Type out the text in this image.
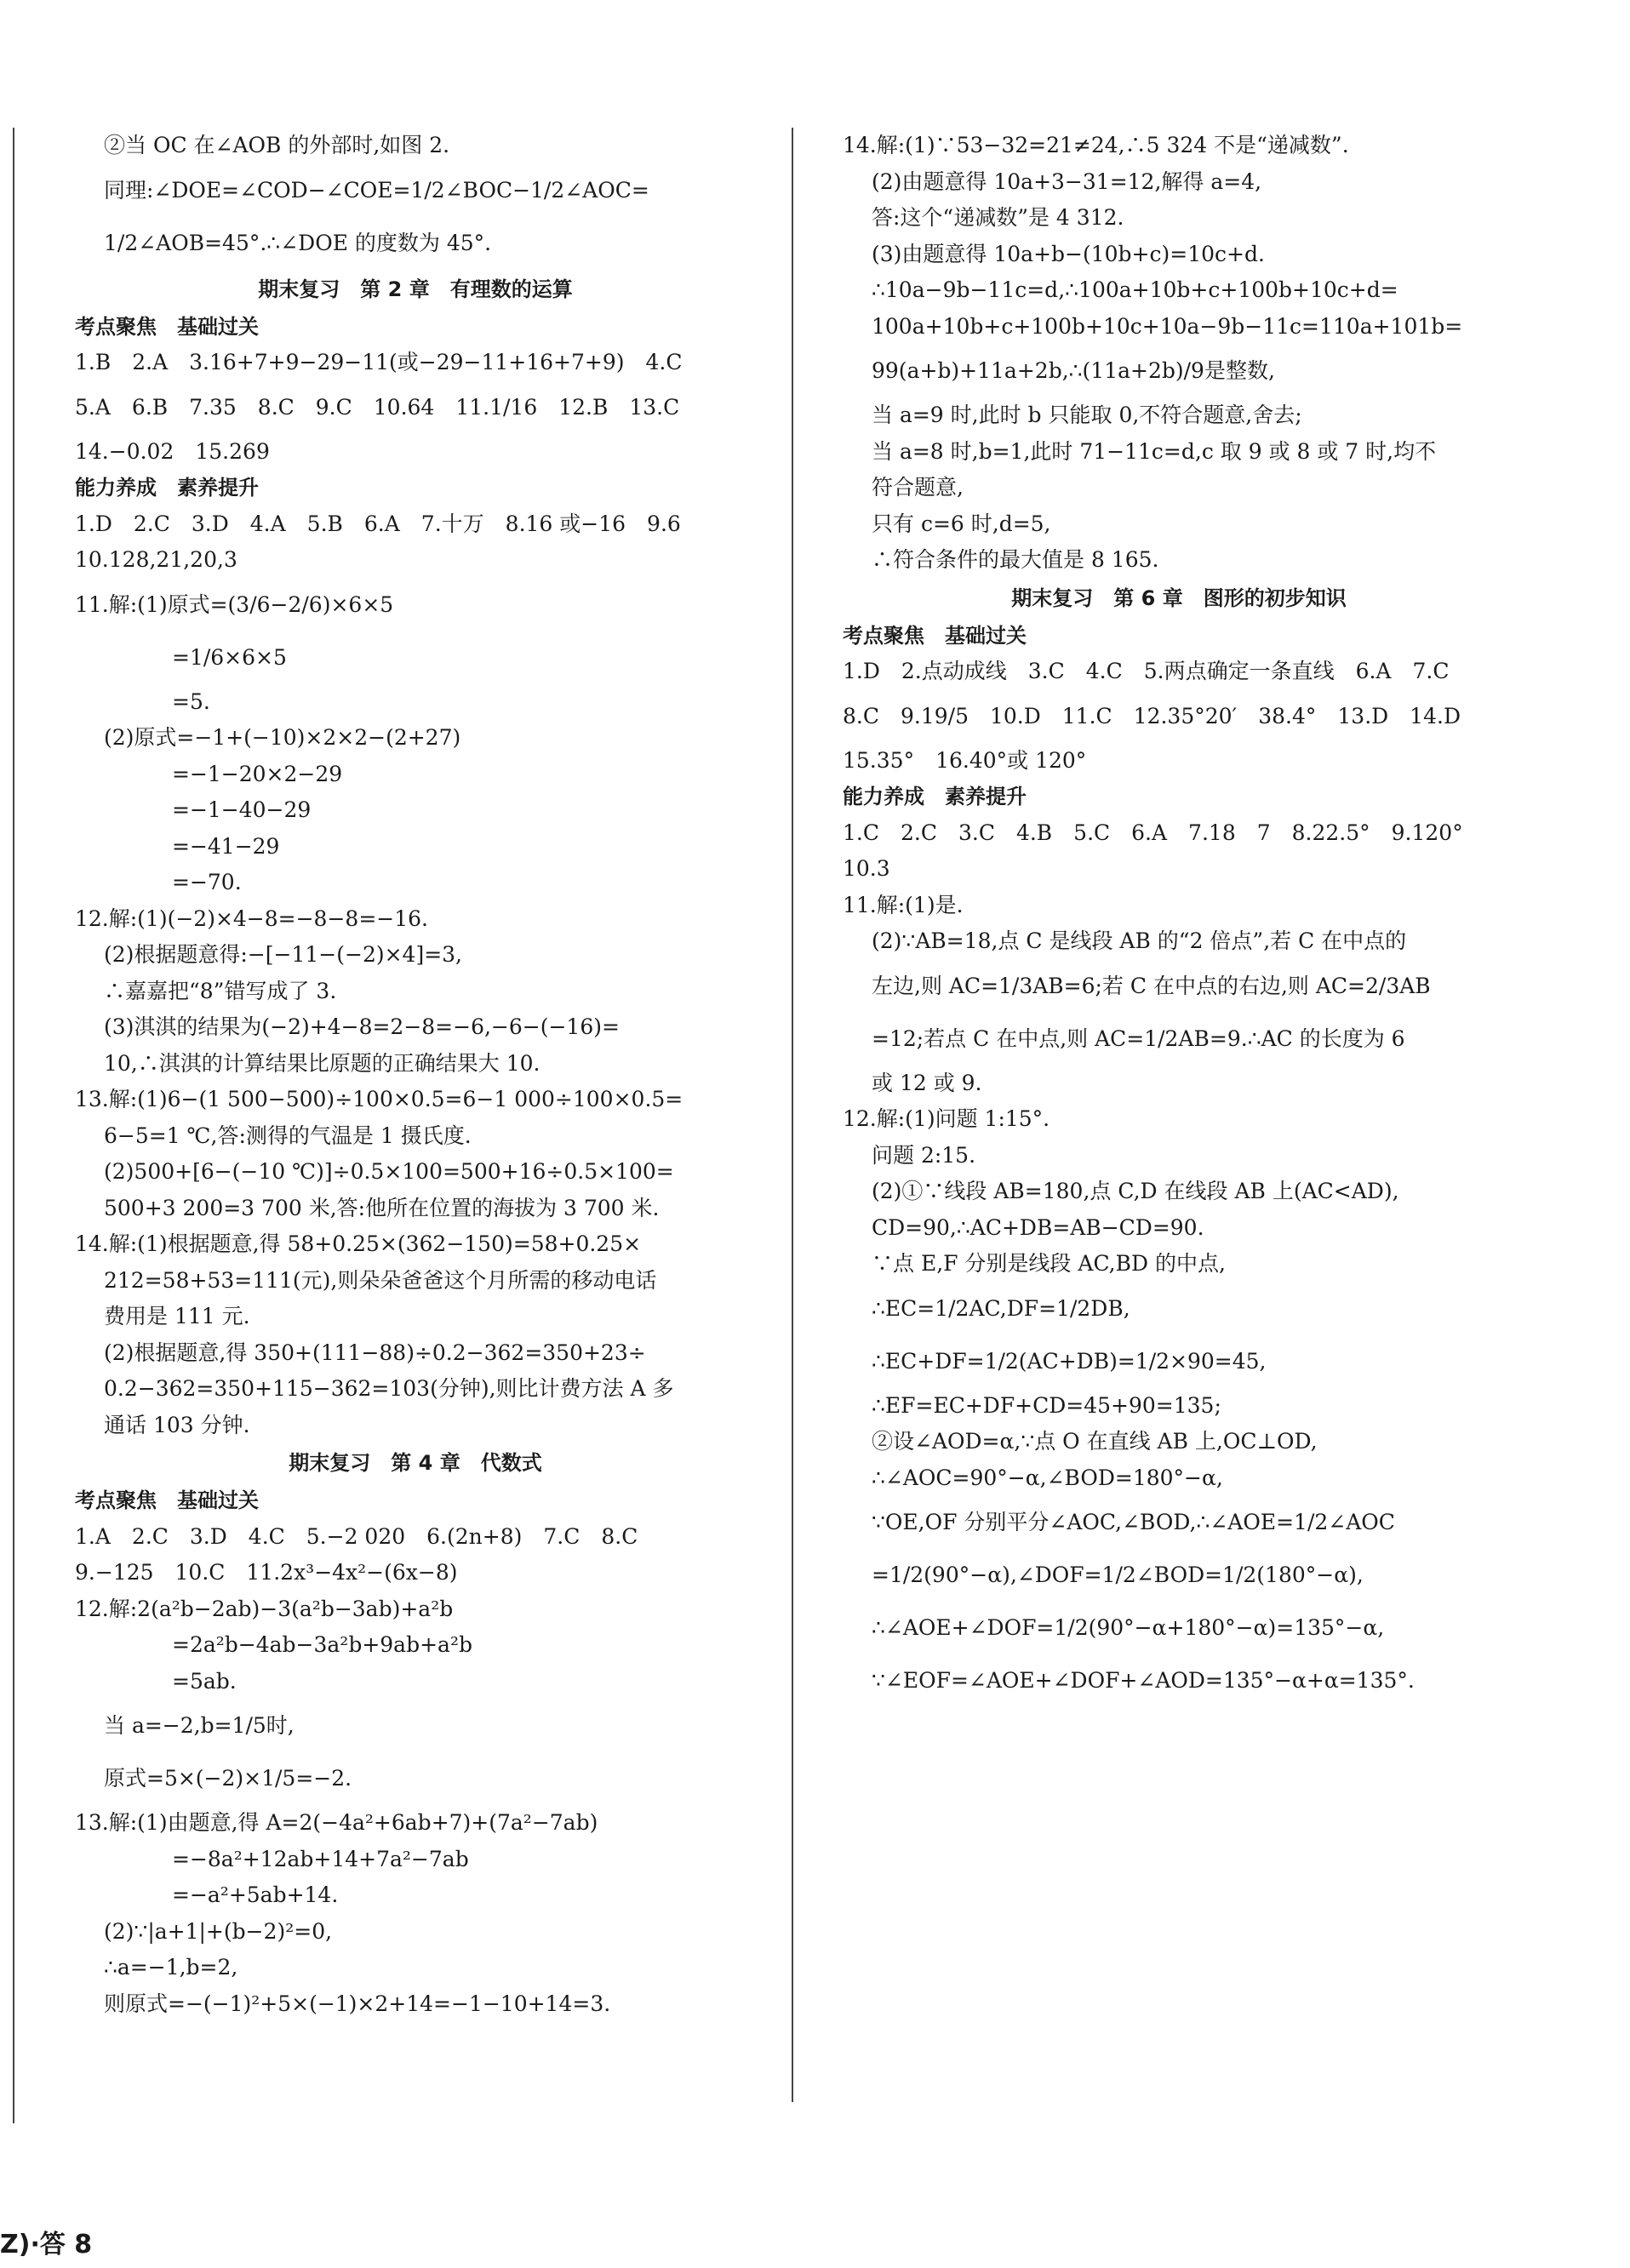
②当 OC 在∠AOB 的外部时,如图 2.
同理:∠DOE=∠COD−∠COE=1/2∠BOC−1/2∠AOC=
1/2∠AOB=45°.∴∠DOE 的度数为 45°.
期末复习　第 2 章　有理数的运算
考点聚焦　基础过关
1.B　2.A　3.16+7+9−29−11(或−29−11+16+7+9)　4.C
5.A　6.B　7.35　8.C　9.C　10.64　11.1/16　12.B　13.C
14.−0.02　15.269
能力养成　素养提升
1.D　2.C　3.D　4.A　5.B　6.A　7.十万　8.16 或−16　9.6
10.128,21,20,3
11.解:(1)原式=(3/6−2/6)×6×5
=1/6×6×5
=5.
(2)原式=−1+(−10)×2×2−(2+27)
=−1−20×2−29
=−1−40−29
=−41−29
=−70.
12.解:(1)(−2)×4−8=−8−8=−16.
(2)根据题意得:−[−11−(−2)×4]=3,
∴嘉嘉把“8”错写成了 3.
(3)淇淇的结果为(−2)+4−8=2−8=−6,−6−(−16)=
10,∴淇淇的计算结果比原题的正确结果大 10.
13.解:(1)6−(1 500−500)÷100×0.5=6−1 000÷100×0.5=
6−5=1 ℃,答:测得的气温是 1 摄氏度.
(2)500+[6−(−10 ℃)]÷0.5×100=500+16÷0.5×100=
500+3 200=3 700 米,答:他所在位置的海拔为 3 700 米.
14.解:(1)根据题意,得 58+0.25×(362−150)=58+0.25×
212=58+53=111(元),则朵朵爸爸这个月所需的移动电话
费用是 111 元.
(2)根据题意,得 350+(111−88)÷0.2−362=350+23÷
0.2−362=350+115−362=103(分钟),则比计费方法 A 多
通话 103 分钟.
期末复习　第 4 章　代数式
考点聚焦　基础过关
1.A　2.C　3.D　4.C　5.−2 020　6.(2n+8)　7.C　8.C
9.−125　10.C　11.2x³−4x²−(6x−8)
12.解:2(a²b−2ab)−3(a²b−3ab)+a²b
=2a²b−4ab−3a²b+9ab+a²b
=5ab.
当 a=−2,b=1/5时,
原式=5×(−2)×1/5=−2.
13.解:(1)由题意,得 A=2(−4a²+6ab+7)+(7a²−7ab)
=−8a²+12ab+14+7a²−7ab
=−a²+5ab+14.
(2)∵|a+1|+(b−2)²=0,
∴a=−1,b=2,
则原式=−(−1)²+5×(−1)×2+14=−1−10+14=3.
14.解:(1)∵53−32=21≠24,∴5 324 不是“递减数”.
(2)由题意得 10a+3−31=12,解得 a=4,
答:这个“递减数”是 4 312.
(3)由题意得 10a+b−(10b+c)=10c+d.
∴10a−9b−11c=d,∴100a+10b+c+100b+10c+d=
100a+10b+c+100b+10c+10a−9b−11c=110a+101b=
99(a+b)+11a+2b,∴(11a+2b)/9是整数,
当 a=9 时,此时 b 只能取 0,不符合题意,舍去;
当 a=8 时,b=1,此时 71−11c=d,c 取 9 或 8 或 7 时,均不
符合题意,
只有 c=6 时,d=5,
∴符合条件的最大值是 8 165.
期末复习　第 6 章　图形的初步知识
考点聚焦　基础过关
1.D　2.点动成线　3.C　4.C　5.两点确定一条直线　6.A　7.C
8.C　9.19/5　10.D　11.C　12.35°20′　38.4°　13.D　14.D
15.35°　16.40°或 120°
能力养成　素养提升
1.C　2.C　3.C　4.B　5.C　6.A　7.18　7　8.22.5°　9.120°
10.3
11.解:(1)是.
(2)∵AB=18,点 C 是线段 AB 的“2 倍点”,若 C 在中点的
左边,则 AC=1/3AB=6;若 C 在中点的右边,则 AC=2/3AB
=12;若点 C 在中点,则 AC=1/2AB=9.∴AC 的长度为 6
或 12 或 9.
12.解:(1)问题 1:15°.
问题 2:15.
(2)①∵线段 AB=180,点 C,D 在线段 AB 上(AC<AD),
CD=90,∴AC+DB=AB−CD=90.
∵点 E,F 分别是线段 AC,BD 的中点,
∴EC=1/2AC,DF=1/2DB,
∴EC+DF=1/2(AC+DB)=1/2×90=45,
∴EF=EC+DF+CD=45+90=135;
②设∠AOD=α,∵点 O 在直线 AB 上,OC⊥OD,
∴∠AOC=90°−α,∠BOD=180°−α,
∵OE,OF 分别平分∠AOC,∠BOD,∴∠AOE=1/2∠AOC
=1/2(90°−α),∠DOF=1/2∠BOD=1/2(180°−α),
∴∠AOE+∠DOF=1/2(90°−α+180°−α)=135°−α,
∵∠EOF=∠AOE+∠DOF+∠AOD=135°−α+α=135°.
Z)·答 8
